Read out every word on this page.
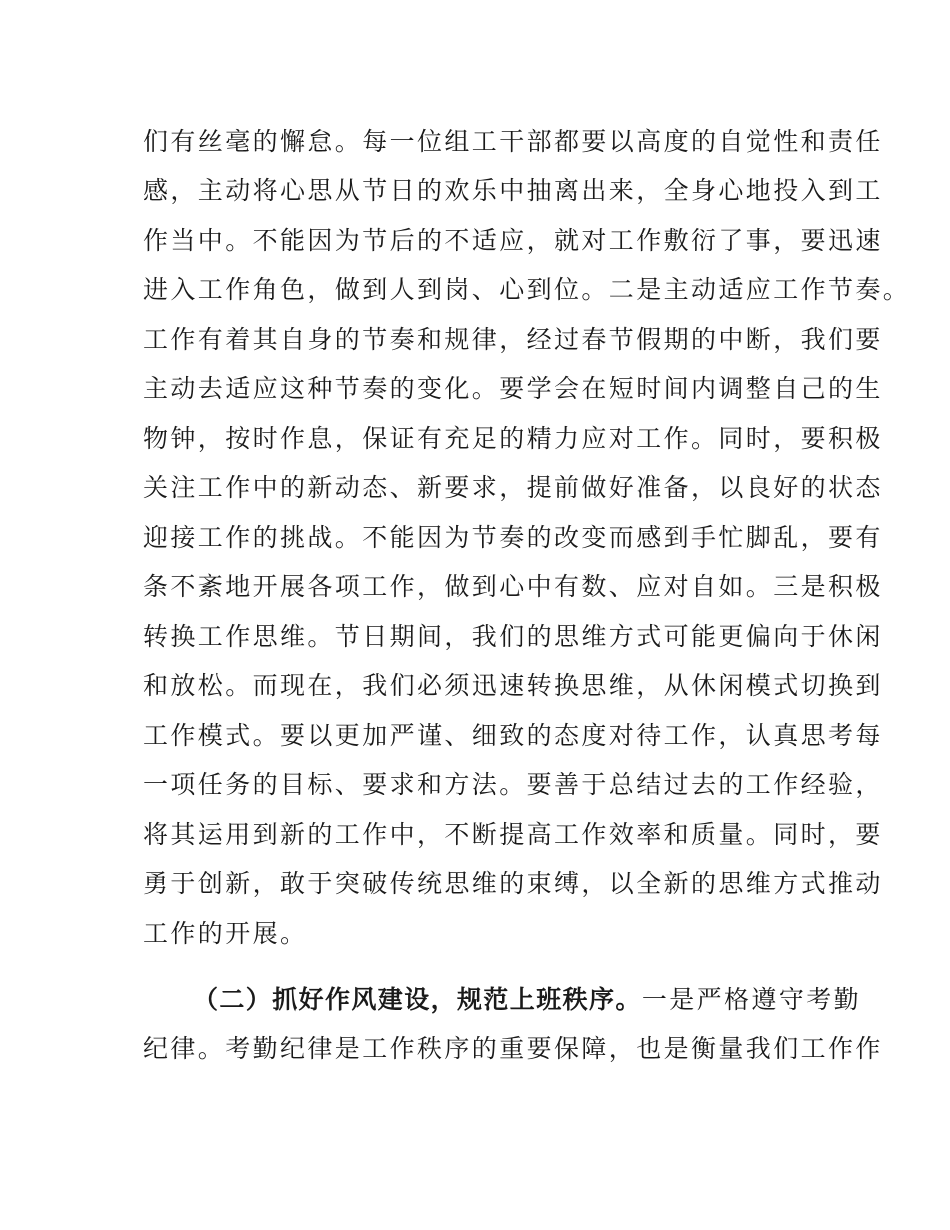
们有丝毫的懈怠。每一位组工干部都要以高度的自觉性和责任
感，主动将心思从节日的欢乐中抽离出来，全身心地投入到工
作当中。不能因为节后的不适应，就对工作敷衍了事，要迅速
进入工作角色，做到人到岗、心到位。二是主动适应工作节奏。
工作有着其自身的节奏和规律，经过春节假期的中断，我们要
主动去适应这种节奏的变化。要学会在短时间内调整自己的生
物钟，按时作息，保证有充足的精力应对工作。同时，要积极
关注工作中的新动态、新要求，提前做好准备，以良好的状态
迎接工作的挑战。不能因为节奏的改变而感到手忙脚乱，要有
条不紊地开展各项工作，做到心中有数、应对自如。三是积极
转换工作思维。节日期间，我们的思维方式可能更偏向于休闲
和放松。而现在，我们必须迅速转换思维，从休闲模式切换到
工作模式。要以更加严谨、细致的态度对待工作，认真思考每
一项任务的目标、要求和方法。要善于总结过去的工作经验，
将其运用到新的工作中，不断提高工作效率和质量。同时，要
勇于创新，敢于突破传统思维的束缚，以全新的思维方式推动
工作的开展。
（二）抓好作风建设，规范上班秩序。一是严格遵守考勤
纪律。考勤纪律是工作秩序的重要保障，也是衡量我们工作作
